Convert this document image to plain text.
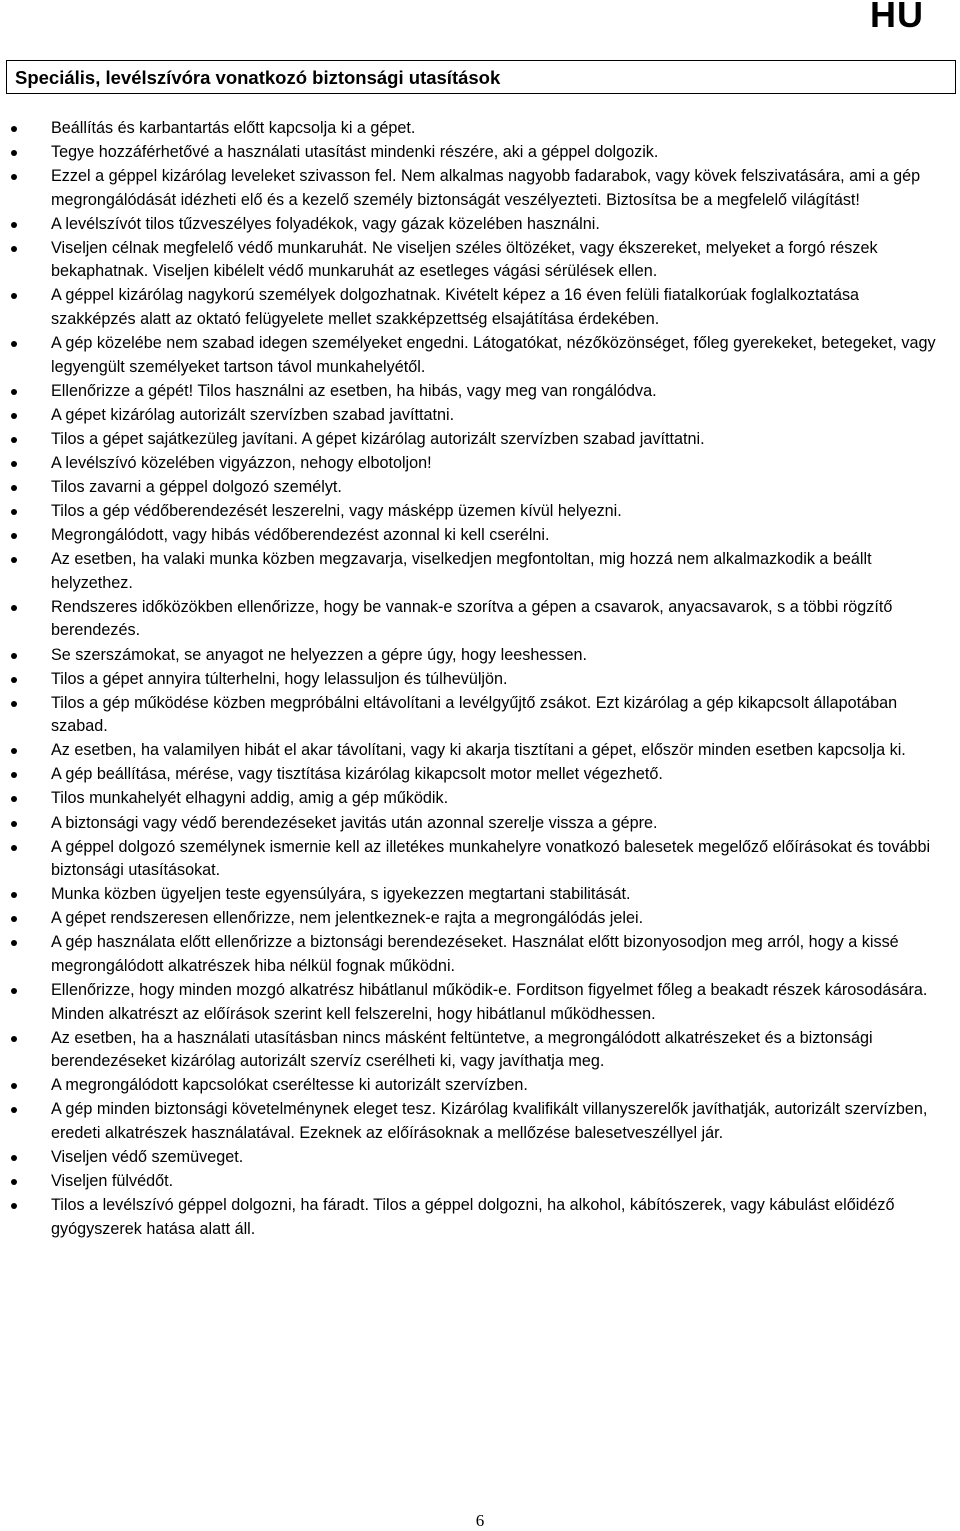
HU
Speciális, levélszívóra vonatkozó biztonsági utasítások
Beállítás és karbantartás előtt kapcsolja ki a gépet.
Tegye hozzáférhetővé a használati utasítást mindenki részére, aki a géppel dolgozik.
Ezzel a géppel kizárólag leveleket szivasson fel. Nem alkalmas nagyobb fadarabok, vagy kövek felszivatására, ami a gép megrongálódását idézheti elő és a kezelő személy biztonságát veszélyezteti. Biztosítsa be a megfelelő világítást!
A levélszívót tilos tűzveszélyes folyadékok, vagy gázak közelében használni.
Viseljen célnak megfelelő védő munkaruhát. Ne viseljen széles öltözéket, vagy ékszereket, melyeket a forgó részek bekaphatnak. Viseljen kibélelt védő munkaruhát az esetleges vágási sérülések ellen.
A géppel kizárólag nagykorú személyek dolgozhatnak. Kivételt képez a 16 éven felüli fiatalkorúak foglalkoztatása szakképzés alatt az oktató felügyelete mellet szakképzettség elsajátítása érdekében.
A gép közelébe nem szabad idegen személyeket engedni. Látogatókat, nézőközönséget, főleg gyerekeket, betegeket, vagy legyengült személyeket tartson távol munkahelyétől.
Ellenőrizze a gépét! Tilos használni az esetben, ha hibás, vagy meg van rongálódva.
A gépet kizárólag autorizált szervízben szabad javíttatni.
Tilos a gépet sajátkezüleg javítani. A gépet kizárólag autorizált szervízben szabad javíttatni.
A levélszívó közelében vigyázzon, nehogy elbotoljon!
Tilos zavarni a géppel dolgozó személyt.
Tilos a gép védőberendezését leszerelni, vagy másképp üzemen kívül helyezni.
Megrongálódott, vagy hibás védőberendezést azonnal ki kell cserélni.
Az esetben, ha valaki munka közben megzavarja, viselkedjen megfontoltan, mig hozzá nem alkalmazkodik a beállt helyzethez.
Rendszeres időközökben ellenőrizze, hogy be vannak-e szorítva a gépen a csavarok, anyacsavarok, s a többi rögzítő berendezés.
Se szerszámokat, se anyagot ne helyezzen a gépre úgy, hogy leeshessen.
Tilos a gépet annyira túlterhelni, hogy lelassuljon és túlhevüljön.
Tilos a gép működése közben megpróbálni eltávolítani a levélgyűjtő zsákot. Ezt kizárólag a gép kikapcsolt állapotában szabad.
Az esetben, ha valamilyen hibát el akar távolítani, vagy ki akarja tisztítani a gépet, először minden esetben kapcsolja ki.
A gép beállítása, mérése, vagy tisztítása kizárólag kikapcsolt motor mellet végezhető.
Tilos munkahelyét elhagyni addig, amig a gép működik.
A biztonsági vagy védő berendezéseket javitás után azonnal szerelje vissza a gépre.
A géppel dolgozó személynek ismernie kell az illetékes munkahelyre vonatkozó balesetek megelőző előírásokat és további biztonsági utasításokat.
Munka közben ügyeljen teste egyensúlyára, s igyekezzen megtartani stabilitását.
A gépet rendszeresen ellenőrizze, nem jelentkeznek-e rajta a megrongálódás jelei.
A gép használata előtt ellenőrizze a biztonsági berendezéseket. Használat előtt bizonyosodjon meg arról, hogy a kissé megrongálódott alkatrészek hiba nélkül fognak működni.
Ellenőrizze, hogy minden mozgó alkatrész hibátlanul működik-e. Forditson figyelmet főleg a beakadt részek károsodására. Minden alkatrészt az előírások szerint kell felszerelni, hogy hibátlanul működhessen.
Az esetben, ha a használati utasításban nincs másként feltüntetve, a megrongálódott alkatrészeket és a biztonsági berendezéseket kizárólag autorizált szervíz cserélheti ki, vagy javíthatja meg.
A megrongálódott kapcsolókat cseréltesse ki autorizált szervízben.
A gép minden biztonsági követelménynek eleget tesz. Kizárólag kvalifikált villanyszerelők javíthatják, autorizált szervízben, eredeti alkatrészek használatával. Ezeknek az előírásoknak a mellőzése balesetveszéllyel jár.
Viseljen védő szemüveget.
Viseljen fülvédőt.
Tilos a levélszívó géppel dolgozni, ha fáradt. Tilos a géppel dolgozni, ha alkohol, kábítószerek, vagy kábulást előidéző gyógyszerek hatása alatt áll.
6
